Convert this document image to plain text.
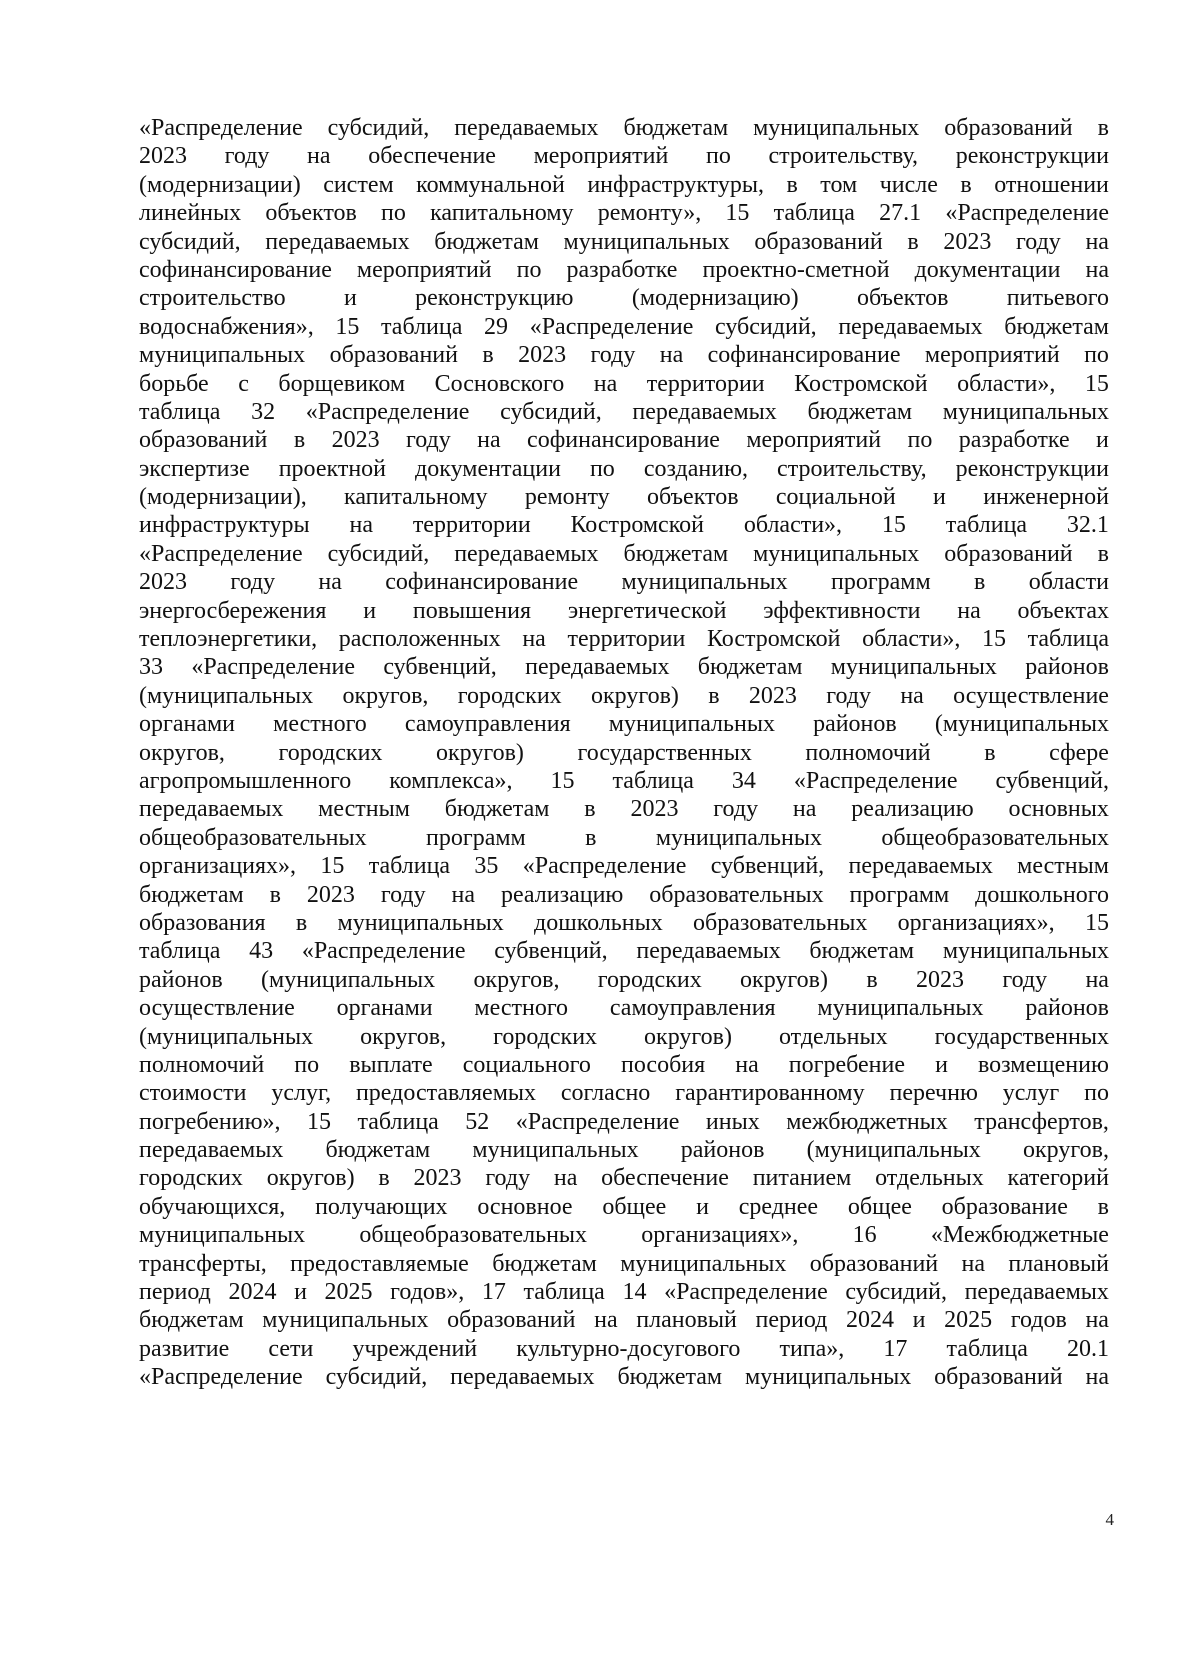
«Распределение субсидий, передаваемых бюджетам муниципальных образований в
2023 году на обеспечение мероприятий по строительству, реконструкции
(модернизации) систем коммунальной инфраструктуры, в том числе в отношении
линейных объектов по капитальному ремонту», 15 таблица 27.1 «Распределение
субсидий, передаваемых бюджетам муниципальных образований в 2023 году на
софинансирование мероприятий по разработке проектно-сметной документации на
строительство и реконструкцию (модернизацию) объектов питьевого
водоснабжения», 15 таблица 29 «Распределение субсидий, передаваемых бюджетам
муниципальных образований в 2023 году на софинансирование мероприятий по
борьбе с борщевиком Сосновского на территории Костромской области», 15
таблица 32 «Распределение субсидий, передаваемых бюджетам муниципальных
образований в 2023 году на софинансирование мероприятий по разработке и
экспертизе проектной документации по созданию, строительству, реконструкции
(модернизации), капитальному ремонту объектов социальной и инженерной
инфраструктуры на территории Костромской области», 15 таблица 32.1
«Распределение субсидий, передаваемых бюджетам муниципальных образований в
2023 году на софинансирование муниципальных программ в области
энергосбережения и повышения энергетической эффективности на объектах
теплоэнергетики, расположенных на территории Костромской области», 15 таблица
33 «Распределение субвенций, передаваемых бюджетам муниципальных районов
(муниципальных округов, городских округов) в 2023 году на осуществление
органами местного самоуправления муниципальных районов (муниципальных
округов, городских округов) государственных полномочий в сфере
агропромышленного комплекса», 15 таблица 34 «Распределение субвенций,
передаваемых местным бюджетам в 2023 году на реализацию основных
общеобразовательных программ в муниципальных общеобразовательных
организациях», 15 таблица 35 «Распределение субвенций, передаваемых местным
бюджетам в 2023 году на реализацию образовательных программ дошкольного
образования в муниципальных дошкольных образовательных организациях», 15
таблица 43 «Распределение субвенций, передаваемых бюджетам муниципальных
районов (муниципальных округов, городских округов) в 2023 году на
осуществление органами местного самоуправления муниципальных районов
(муниципальных округов, городских округов) отдельных государственных
полномочий по выплате социального пособия на погребение и возмещению
стоимости услуг, предоставляемых согласно гарантированному перечню услуг по
погребению», 15 таблица 52 «Распределение иных межбюджетных трансфертов,
передаваемых бюджетам муниципальных районов (муниципальных округов,
городских округов) в 2023 году на обеспечение питанием отдельных категорий
обучающихся, получающих основное общее и среднее общее образование в
муниципальных общеобразовательных организациях», 16 «Межбюджетные
трансферты, предоставляемые бюджетам муниципальных образований на плановый
период 2024 и 2025 годов», 17 таблица 14 «Распределение субсидий, передаваемых
бюджетам муниципальных образований на плановый период 2024 и 2025 годов на
развитие сети учреждений культурно-досугового типа», 17 таблица 20.1
«Распределение субсидий, передаваемых бюджетам муниципальных образований на
4
